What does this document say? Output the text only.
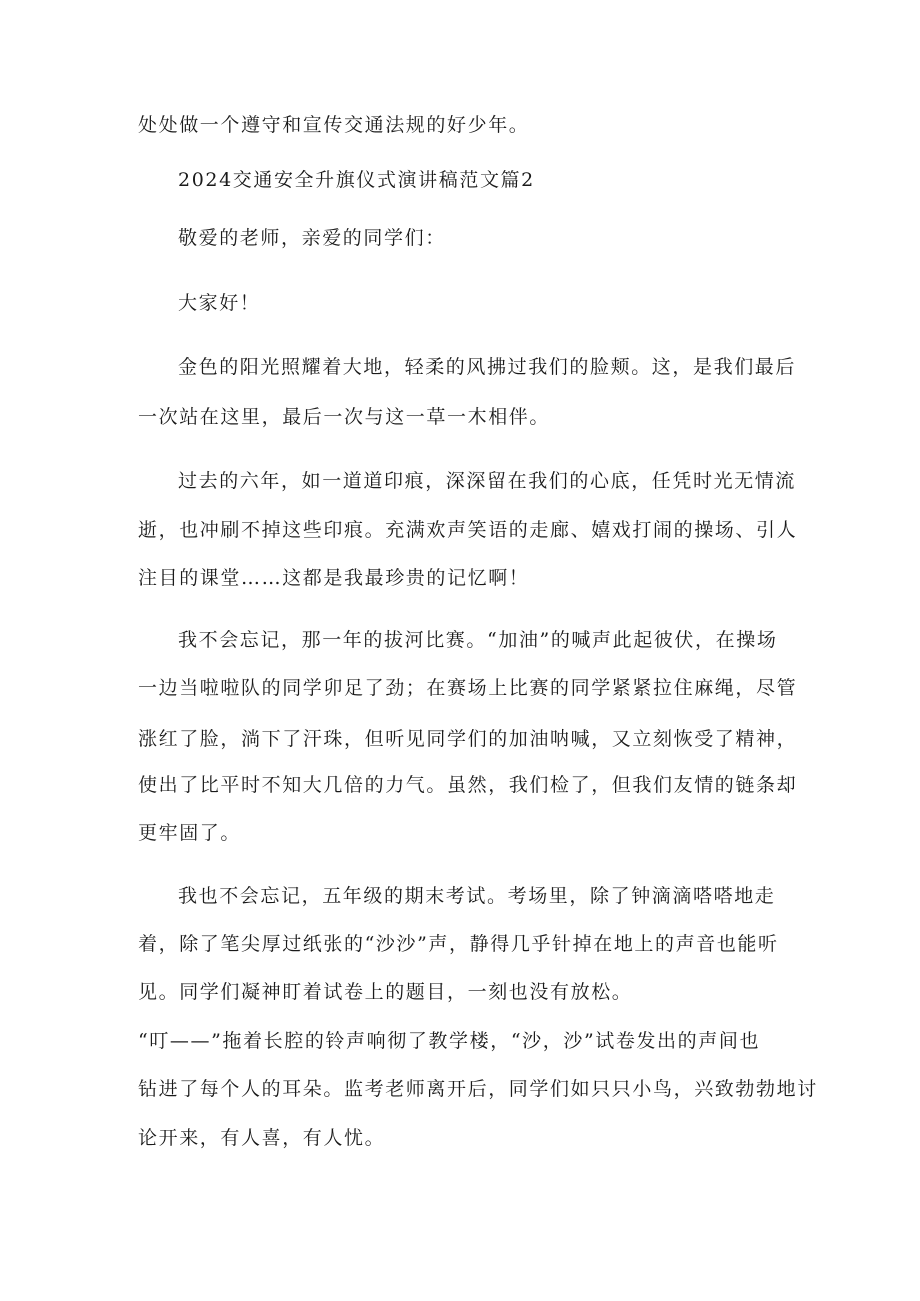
处处做一个遵守和宣传交通法规的好少年。
2024交通安全升旗仪式演讲稿范文篇2
敬爱的老师，亲爱的同学们：
大家好！
金色的阳光照耀着大地，轻柔的风拂过我们的脸颊。这，是我们最后
一次站在这里，最后一次与这一草一木相伴。
过去的六年，如一道道印痕，深深留在我们的心底，任凭时光无情流
逝，也冲刷不掉这些印痕。充满欢声笑语的走廊、嬉戏打闹的操场、引人
注目的课堂……这都是我最珍贵的记忆啊！
我不会忘记，那一年的拔河比赛。“加油”的喊声此起彼伏，在操场
一边当啦啦队的同学卯足了劲；在赛场上比赛的同学紧紧拉住麻绳，尽管
涨红了脸，淌下了汗珠，但听见同学们的加油呐喊，又立刻恢受了精神，
使出了比平时不知大几倍的力气。虽然，我们检了，但我们友情的链条却
更牢固了。
我也不会忘记，五年级的期末考试。考场里，除了钟滴滴嗒嗒地走
着，除了笔尖厚过纸张的“沙沙”声，静得几乎针掉在地上的声音也能听
见。同学们凝神盯着试卷上的题目，一刻也没有放松。
“叮——”拖着长腔的铃声响彻了教学楼，“沙，沙”试卷发出的声间也
钻进了每个人的耳朵。监考老师离开后，同学们如只只小鸟，兴致勃勃地讨
论开来，有人喜，有人忧。
